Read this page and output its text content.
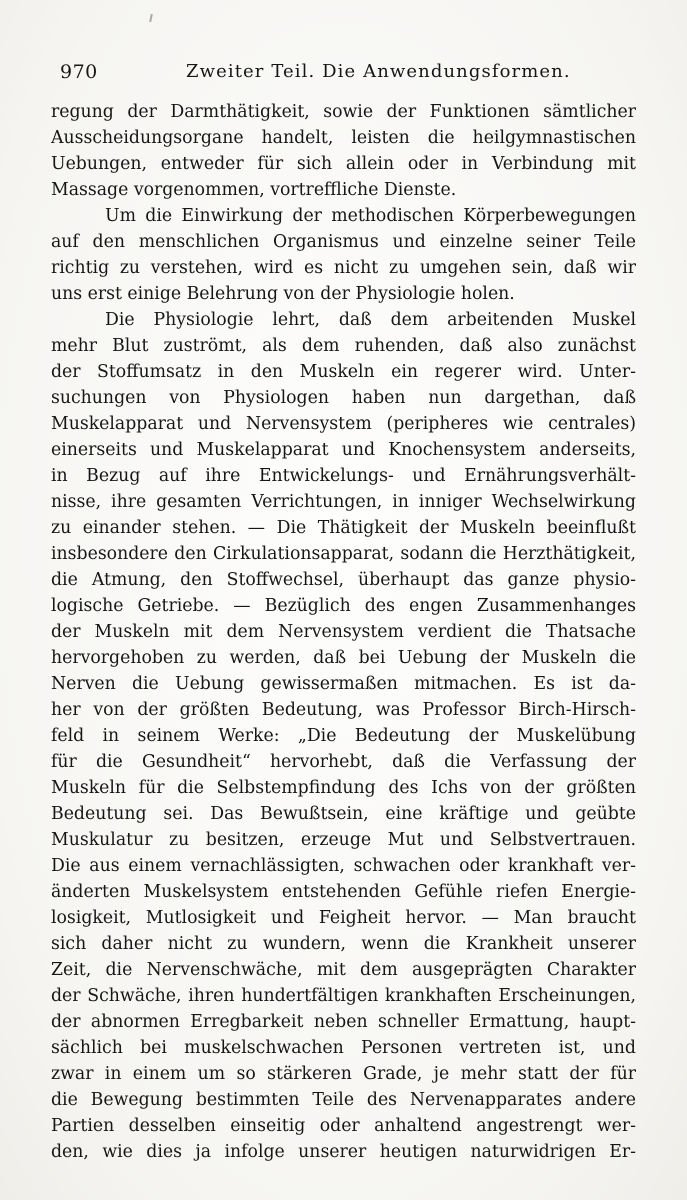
970	Zweiter Teil. Die Anwendungsformen.
regung der Darmthätigkeit, sowie der Funktionen sämtlicher
Ausscheidungsorgane handelt, leisten die heilgymnastischen
Uebungen, entweder für sich allein oder in Verbindung mit
Massage vorgenommen, vortreffliche Dienste.
Um die Einwirkung der methodischen Körperbewegungen
auf den menschlichen Organismus und einzelne seiner Teile
richtig zu verstehen, wird es nicht zu umgehen sein, daß wir
uns erst einige Belehrung von der Physiologie holen.
Die Physiologie lehrt, daß dem arbeitenden Muskel
mehr Blut zuströmt, als dem ruhenden, daß also zunächst
der Stoffumsatz in den Muskeln ein regerer wird. Unter-
suchungen von Physiologen haben nun dargethan, daß
Muskelapparat und Nervensystem (peripheres wie centrales)
einerseits und Muskelapparat und Knochensystem anderseits,
in Bezug auf ihre Entwickelungs- und Ernährungsverhält-
nisse, ihre gesamten Verrichtungen, in inniger Wechselwirkung
zu einander stehen. — Die Thätigkeit der Muskeln beeinflußt
insbesondere den Cirkulationsapparat, sodann die Herzthätigkeit,
die Atmung, den Stoffwechsel, überhaupt das ganze physio-
logische Getriebe. — Bezüglich des engen Zusammenhanges
der Muskeln mit dem Nervensystem verdient die Thatsache
hervorgehoben zu werden, daß bei Uebung der Muskeln die
Nerven die Uebung gewissermaßen mitmachen. Es ist da-
her von der größten Bedeutung, was Professor Birch-Hirsch-
feld in seinem Werke: „Die Bedeutung der Muskelübung
für die Gesundheit“ hervorhebt, daß die Verfassung der
Muskeln für die Selbstempfindung des Ichs von der größten
Bedeutung sei. Das Bewußtsein, eine kräftige und geübte
Muskulatur zu besitzen, erzeuge Mut und Selbstvertrauen.
Die aus einem vernachlässigten, schwachen oder krankhaft ver-
änderten Muskelsystem entstehenden Gefühle riefen Energie-
losigkeit, Mutlosigkeit und Feigheit hervor. — Man braucht
sich daher nicht zu wundern, wenn die Krankheit unserer
Zeit, die Nervenschwäche, mit dem ausgeprägten Charakter
der Schwäche, ihren hundertfältigen krankhaften Erscheinungen,
der abnormen Erregbarkeit neben schneller Ermattung, haupt-
sächlich bei muskelschwachen Personen vertreten ist, und
zwar in einem um so stärkeren Grade, je mehr statt der für
die Bewegung bestimmten Teile des Nervenapparates andere
Partien desselben einseitig oder anhaltend angestrengt wer-
den, wie dies ja infolge unserer heutigen naturwidrigen Er-
